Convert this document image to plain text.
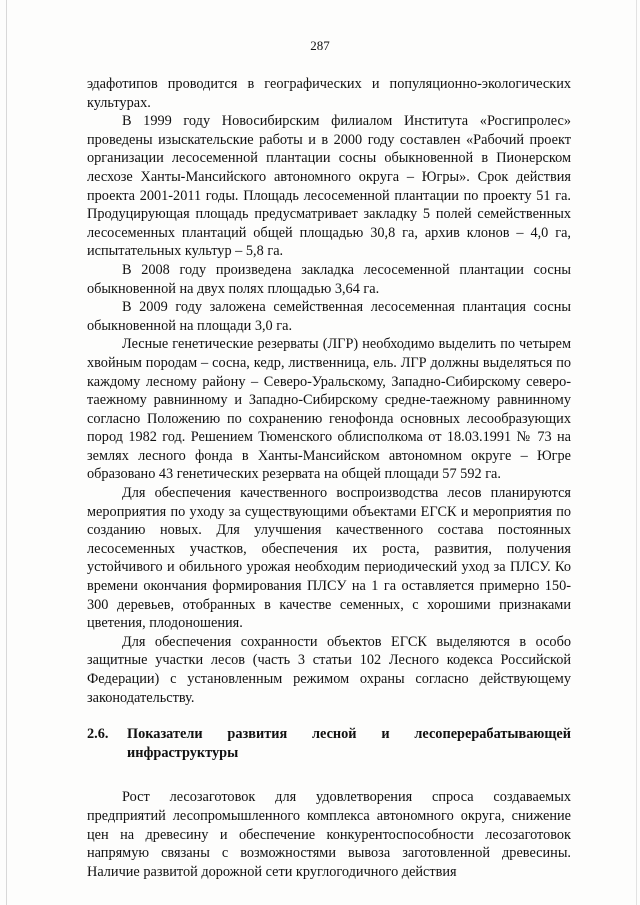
287

эдафотипов проводится в географических и популяционно-экологических культурах.

В 1999 году Новосибирским филиалом Института «Росгипролес» проведены изыскательские работы и в 2000 году составлен «Рабочий проект организации лесосеменной плантации сосны обыкновенной в Пионерском лесхозе Ханты-Мансийского автономного округа – Югры». Срок действия проекта 2001-2011 годы. Площадь лесосеменной плантации по проекту 51 га. Продуцирующая площадь предусматривает закладку 5 полей семейственных лесосеменных плантаций общей площадью 30,8 га, архив клонов – 4,0 га, испытательных культур – 5,8 га.

В 2008 году произведена закладка лесосеменной плантации сосны обыкновенной на двух полях площадью 3,64 га.

В 2009 году заложена семейственная лесосеменная плантация сосны обыкновенной на площади 3,0 га.

Лесные генетические резерваты (ЛГР) необходимо выделить по четырем хвойным породам – сосна, кедр, лиственница, ель. ЛГР должны выделяться по каждому лесному району – Северо-Уральскому, Западно-Сибирскому северо-таежному равнинному и Западно-Сибирскому средне-таежному равнинному согласно Положению по сохранению генофонда основных лесообразующих пород 1982 год. Решением Тюменского облисполкома от 18.03.1991 № 73 на землях лесного фонда в Ханты-Мансийском автономном округе – Югре образовано 43 генетических резервата на общей площади 57 592 га.

Для обеспечения качественного воспроизводства лесов планируются мероприятия по уходу за существующими объектами ЕГСК и мероприятия по созданию новых. Для улучшения качественного состава постоянных лесосеменных участков, обеспечения их роста, развития, получения устойчивого и обильного урожая необходим периодический уход за ПЛСУ. Ко времени окончания формирования ПЛСУ на 1 га оставляется примерно 150-300 деревьев, отобранных в качестве семенных, с хорошими признаками цветения, плодоношения.

Для обеспечения сохранности объектов ЕГСК выделяются в особо защитные участки лесов (часть 3 статьи 102 Лесного кодекса Российской Федерации) с установленным режимом охраны согласно действующему законодательству.

2.6.	Показатели развития лесной и лесоперерабатывающей
инфраструктуры

Рост лесозаготовок для удовлетворения спроса создаваемых предприятий лесопромышленного комплекса автономного округа, снижение цен на древесину и обеспечение конкурентоспособности лесозаготовок напрямую связаны с возможностями вывоза заготовленной древесины. Наличие развитой дорожной сети круглогодичного действия
